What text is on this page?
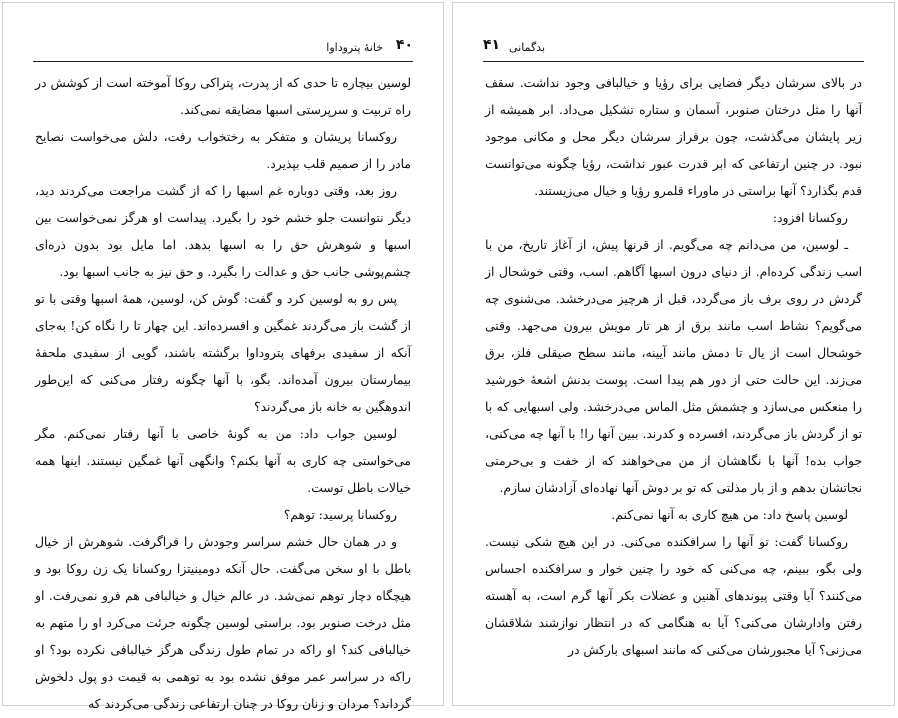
۴۰
خانهٔ پتروداوا

لوسین بیچاره تا حدی که از پدرت، پتراکی روکا آموخته است از کوشش در راه تربیت و سرپرستی اسبها مضایقه نمی‌کند.

روکسانا پریشان و متفکر به رختخواب رفت، دلش می‌خواست نصایح مادر را از صمیم قلب بپذیرد.

روز بعد، وقتی دوباره غم اسبها را که از گشت مراجعت می‌کردند دید، دیگر نتوانست جلو خشم خود را بگیرد. پیداست او هرگز نمی‌خواست بین اسبها و شوهرش حق را به اسبها بدهد. اما مایل بود بدون ذره‌ای چشم‌پوشی جانب حق و عدالت را بگیرد. و حق نیز به جانب اسبها بود.

پس رو به لوسین کرد و گفت: گوش کن، لوسین، همهٔ اسبها وقتی با تو از گشت باز می‌گردند غمگین و افسرده‌اند. این چهار تا را نگاه کن! به‌جای آنکه از سفیدی برفهای پتروداوا برگشته باشند، گویی از سفیدی ملحفهٔ بیمارستان بیرون آمده‌اند. بگو، با آنها چگونه رفتار می‌کنی که این‌طور اندوهگین به خانه باز می‌گردند؟

لوسین جواب داد: من به گونهٔ خاصی با آنها رفتار نمی‌کنم. مگر می‌خواستی چه کاری به آنها بکنم؟ وانگهی آنها غمگین نیستند. اینها همه خیالات باطل توست.

روکسانا پرسید: توهم؟

و در همان حال خشم سراسر وجودش را فراگرفت. شوهرش از خیال باطل با او سخن می‌گفت. حال آنکه دومینیتزا روکسانا یک زن روکا بود و هیچگاه دچار توهم نمی‌شد. در عالم خیال و خیالبافی هم فرو نمی‌رفت. او مثل درخت صنوبر بود. براستی لوسین چگونه جرئت می‌کرد او را متهم به خیالبافی کند؟ او راکه در تمام طول زندگی هرگز خیالبافی نکرده بود؟ او راکه در سراسر عمر موفق نشده بود به توهمی به قیمت دو پول دلخوش گرداند؟ مردان و زنان روکا در چنان ارتفاعی زندگی می‌کردند که

۴۱ بدگمانی

در بالای سرشان دیگر فضایی برای رؤیا و خیالبافی وجود نداشت. سقف آنها را مثل درختان صنوبر، آسمان و ستاره تشکیل می‌داد. ابر همیشه از زیر پایشان می‌گذشت، چون برفراز سرشان دیگر محل و مکانی موجود نبود. در چنین ارتفاعی که ابر قدرت عبور نداشت، رؤیا چگونه می‌توانست قدم بگذارد؟ آنها براستی در ماوراء قلمرو رؤیا و خیال می‌زیستند.

روکسانا افزود:

ـ لوسین، من می‌دانم چه می‌گویم. از قرنها پیش، از آغاز تاریخ، من با اسب زندگی کرده‌ام. از دنیای درون اسبها آگاهم. اسب، وقتی خوشحال از گردش در روی برف باز می‌گردد، قبل از هرچیز می‌درخشد. می‌شنوی چه می‌گویم؟ نشاط اسب مانند برق از هر تار مویش بیرون می‌جهد. وقتی خوشحال است از یال تا دمش مانند آیینه، مانند سطح صیقلی فلز، برق می‌زند. این حالت حتی از دور هم پیدا است. پوست بدنش اشعهٔ خورشید را منعکس می‌سازد و چشمش مثل الماس می‌درخشد. ولی اسبهایی که با تو از گردش باز می‌گردند، افسرده و کدرند. ببین آنها را! با آنها چه می‌کنی، جواب بده! آنها با نگاهشان از من می‌خواهند که از خفت و بی‌حرمتی نجاتشان بدهم و از بار مذلتی که تو بر دوش آنها نهاده‌ای آزادشان سازم.

لوسین پاسخ داد: من هیچ کاری به آنها نمی‌کنم.

روکسانا گفت: تو آنها را سرافکنده می‌کنی. در این هیچ شکی نیست. ولی بگو، ببینم، چه می‌کنی که خود را چنین خوار و سرافکنده احساس می‌کنند؟ آیا وقتی پیوندهای آهنین و عضلات بکر آنها گرم است، به آهسته رفتن وادارشان می‌کنی؟ آیا به هنگامی که در انتظار نوازشند شلاقشان می‌زنی؟ آیا مجبورشان می‌کنی که مانند اسبهای بارکش در
